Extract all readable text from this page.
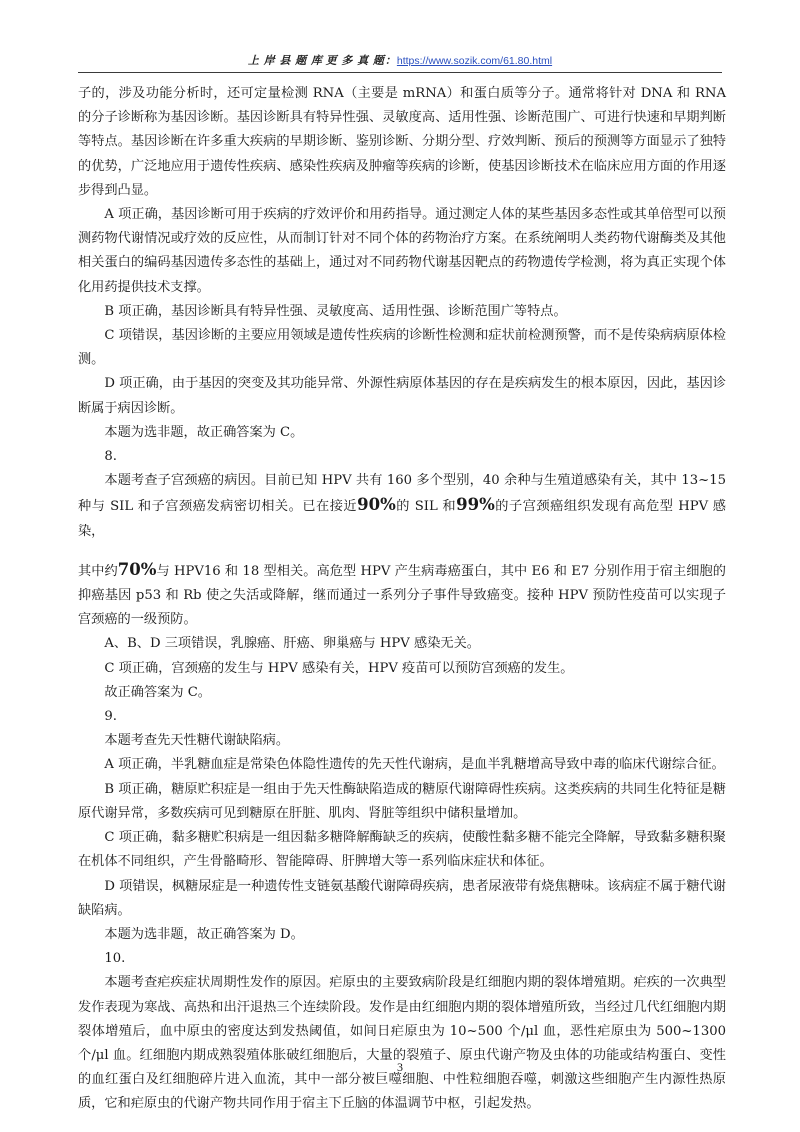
上 岸 县 题 库 更 多 真 题：https://www.sozik.com/61.80.html

子的，涉及功能分析时，还可定量检测 RNA（主要是 mRNA）和蛋白质等分子。通常将针对 DNA 和 RNA 的分子诊断称为基因诊断。基因诊断具有特异性强、灵敏度高、适用性强、诊断范围广、可进行快速和早期判断等特点。基因诊断在许多重大疾病的早期诊断、鉴别诊断、分期分型、疗效判断、预后的预测等方面显示了独特的优势，广泛地应用于遗传性疾病、感染性疾病及肿瘤等疾病的诊断，使基因诊断技术在临床应用方面的作用逐步得到凸显。

A 项正确，基因诊断可用于疾病的疗效评价和用药指导。通过测定人体的某些基因多态性或其单倍型可以预测药物代谢情况或疗效的反应性，从而制订针对不同个体的药物治疗方案。在系统阐明人类药物代谢酶类及其他相关蛋白的编码基因遗传多态性的基础上，通过对不同药物代谢基因靶点的药物遗传学检测，将为真正实现个体化用药提供技术支撑。

B 项正确，基因诊断具有特异性强、灵敏度高、适用性强、诊断范围广等特点。

C 项错误，基因诊断的主要应用领域是遗传性疾病的诊断性检测和症状前检测预警，而不是传染病病原体检测。

D 项正确，由于基因的突变及其功能异常、外源性病原体基因的存在是疾病发生的根本原因，因此，基因诊断属于病因诊断。

本题为选非题，故正确答案为 C。

8.

本题考查子宫颈癌的病因。目前已知 HPV 共有 160 多个型别，40 余种与生殖道感染有关，其中 13~15 种与 SIL 和子宫颈癌发病密切相关。已在接近90%的 SIL 和99%的子宫颈癌组织发现有高危型 HPV 感染，

其中约70%与 HPV16 和 18 型相关。高危型 HPV 产生病毒癌蛋白，其中 E6 和 E7 分别作用于宿主细胞的抑癌基因 p53 和 Rb 使之失活或降解，继而通过一系列分子事件导致癌变。接种 HPV 预防性疫苗可以实现子宫颈癌的一级预防。

A、B、D 三项错误，乳腺癌、肝癌、卵巢癌与 HPV 感染无关。

C 项正确，宫颈癌的发生与 HPV 感染有关，HPV 疫苗可以预防宫颈癌的发生。

故正确答案为 C。

9.

本题考查先天性糖代谢缺陷病。

A 项正确，半乳糖血症是常染色体隐性遗传的先天性代谢病，是血半乳糖增高导致中毒的临床代谢综合征。

B 项正确，糖原贮积症是一组由于先天性酶缺陷造成的糖原代谢障碍性疾病。这类疾病的共同生化特征是糖原代谢异常，多数疾病可见到糖原在肝脏、肌肉、肾脏等组织中储积量增加。

C 项正确，黏多糖贮积病是一组因黏多糖降解酶缺乏的疾病，使酸性黏多糖不能完全降解，导致黏多糖积聚在机体不同组织，产生骨骼畸形、智能障碍、肝脾增大等一系列临床症状和体征。

D 项错误，枫糖尿症是一种遗传性支链氨基酸代谢障碍疾病，患者尿液带有烧焦糖味。该病症不属于糖代谢缺陷病。

本题为选非题，故正确答案为 D。

10.

本题考查疟疾症状周期性发作的原因。疟原虫的主要致病阶段是红细胞内期的裂体增殖期。疟疾的一次典型发作表现为寒战、高热和出汗退热三个连续阶段。发作是由红细胞内期的裂体增殖所致，当经过几代红细胞内期裂体增殖后，血中原虫的密度达到发热阈值，如间日疟原虫为 10~500 个/μl 血，恶性疟原虫为 500~1300 个/μl 血。红细胞内期成熟裂殖体胀破红细胞后，大量的裂殖子、原虫代谢产物及虫体的功能或结构蛋白、变性的血红蛋白及红细胞碎片进入血流，其中一部分被巨噬细胞、中性粒细胞吞噬，刺激这些细胞产生内源性热原质，它和疟原虫的代谢产物共同作用于宿主下丘脑的体温调节中枢，引起发热。

3
